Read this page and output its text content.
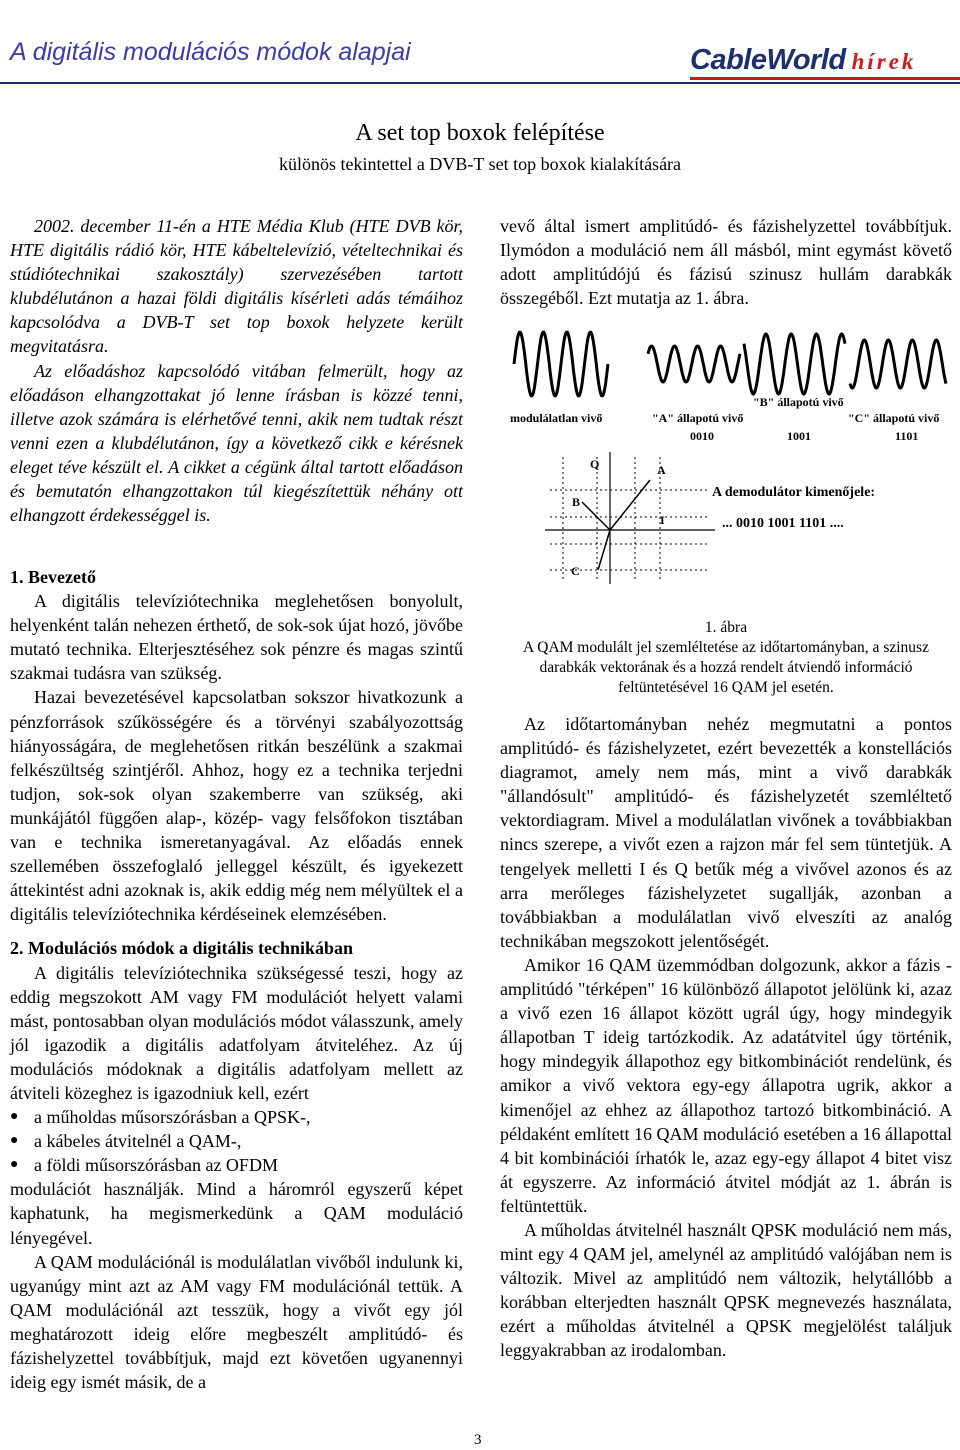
A digitális modulációs módok alapjai	CableWorld hírek
A set top boxok felépítése
különös tekintettel a DVB-T set top boxok kialakítására

2002. december 11-én a HTE Média Klub (HTE DVB kör, HTE digitális rádió kör, HTE kábeltelevízió, vételtechnikai és stúdiótechnikai szakosztály) szervezésében tartott klubdélutánon a hazai földi digitális kísérleti adás témáihoz kapcsolódva a DVB-T set top boxok helyzete került megvitatásra.

Az előadáshoz kapcsolódó vitában felmerült, hogy az előadáson elhangzottakat jó lenne írásban is közzé tenni, illetve azok számára is elérhetővé tenni, akik nem tudtak részt venni ezen a klubdélutánon, így a következő cikk e kérésnek eleget téve készült el. A cikket a cégünk által tartott előadáson és bemutatón elhangzottakon túl kiegészítettük néhány ott elhangzott érdekességgel is.

1. Bevezető

A digitális televíziótechnika meglehetősen bonyolult, helyenként talán nehezen érthető, de sok-sok újat hozó, jövőbe mutató technika. Elterjesztéséhez sok pénzre és magas szintű szakmai tudásra van szükség.

Hazai bevezetésével kapcsolatban sokszor hivatkozunk a pénzforrások szűkösségére és a törvényi szabályozottság hiányosságára, de meglehetősen ritkán beszélünk a szakmai felkészültség szintjéről. Ahhoz, hogy ez a technika terjedni tudjon, sok-sok olyan szakemberre van szükség, aki munkájától függően alap-, közép- vagy felsőfokon tisztában van e technika ismeretanyagával. Az előadás ennek szellemében összefoglaló jelleggel készült, és igyekezett áttekintést adni azoknak is, akik eddig még nem mélyültek el a digitális televíziótechnika kérdéseinek elemzésében.

2. Modulációs módok a digitális technikában

A digitális televíziótechnika szükségessé teszi, hogy az eddig megszokott AM vagy FM modulációt helyett valami mást, pontosabban olyan modulációs módot válasszunk, amely jól igazodik a digitális adatfolyam átviteléhez. Az új modulációs módoknak a digitális adatfolyam mellett az átviteli közeghez is igazodniuk kell, ezért

● a műholdas műsorszórásban a QPSK-,
● a kábeles átvitelnél a QAM-,
● a földi műsorszórásban az OFDM

modulációt használják. Mind a háromról egyszerű képet kaphatunk, ha megismerkedünk a QAM moduláció lényegével.

A QAM modulációnál is modulálatlan vivőből indulunk ki, ugyanúgy mint azt az AM vagy FM modulációnál tettük. A QAM modulációnál azt tesszük, hogy a vivőt egy jól meghatározott ideig előre megbeszélt amplitúdó- és fázishelyzettel továbbítjuk, majd ezt követően ugyanennyi ideig egy ismét másik, de a

vevő által ismert amplitúdó- és fázishelyzettel továbbítjuk. Ilymódon a moduláció nem áll másból, mint egymást követő adott amplitúdójú és fázisú szinusz hullám darabkák összegéből. Ezt mutatja az 1. ábra.

modulálatlan vivő	"A" állapotú vivő
"B" állapotú vivő
"C" állapotú vivő
0010	1001	1101
Q
I
A
B
C
A demodulátor kimenőjele:
... 0010 1001 1101 ....
1. ábra
A QAM modulált jel szemléltetése az időtartományban, a szinusz darabkák vektorának és a hozzá rendelt átviendő információ feltüntetésével 16 QAM jel esetén.

Az időtartományban nehéz megmutatni a pontos amplitúdó- és fázishelyzetet, ezért bevezették a konstellációs diagramot, amely nem más, mint a vivő darabkák "állandósult" amplitúdó- és fázishelyzetét szemléltető vektordiagram. Mivel a modulálatlan vivőnek a továbbiakban nincs szerepe, a vivőt ezen a rajzon már fel sem tüntetjük. A tengelyek melletti I és Q betűk még a vivővel azonos és az arra merőleges fázishelyzetet sugallják, azonban a továbbiakban a modulálatlan vivő elveszíti az analóg technikában megszokott jelentőségét.

Amikor 16 QAM üzemmódban dolgozunk, akkor a fázis - amplitúdó "térképen" 16 különböző állapotot jelölünk ki, azaz a vivő ezen 16 állapot között ugrál úgy, hogy mindegyik állapotban T ideig tartózkodik. Az adatátvitel úgy történik, hogy mindegyik állapothoz egy bitkombinációt rendelünk, és amikor a vivő vektora egy-egy állapotra ugrik, akkor a kimenőjel az ehhez az állapothoz tartozó bitkombináció. A példaként említett 16 QAM moduláció esetében a 16 állapottal 4 bit kombinációi írhatók le, azaz egy-egy állapot 4 bitet visz át egyszerre. Az információ átvitel módját az 1. ábrán is feltüntettük.

A műholdas átvitelnél használt QPSK moduláció nem más, mint egy 4 QAM jel, amelynél az amplitúdó valójában nem is változik. Mivel az amplitúdó nem változik, helytállóbb a korábban elterjedten használt QPSK megnevezés használata, ezért a műholdas átvitelnél a QPSK megjelölést találjuk leggyakrabban az irodalomban.

3
